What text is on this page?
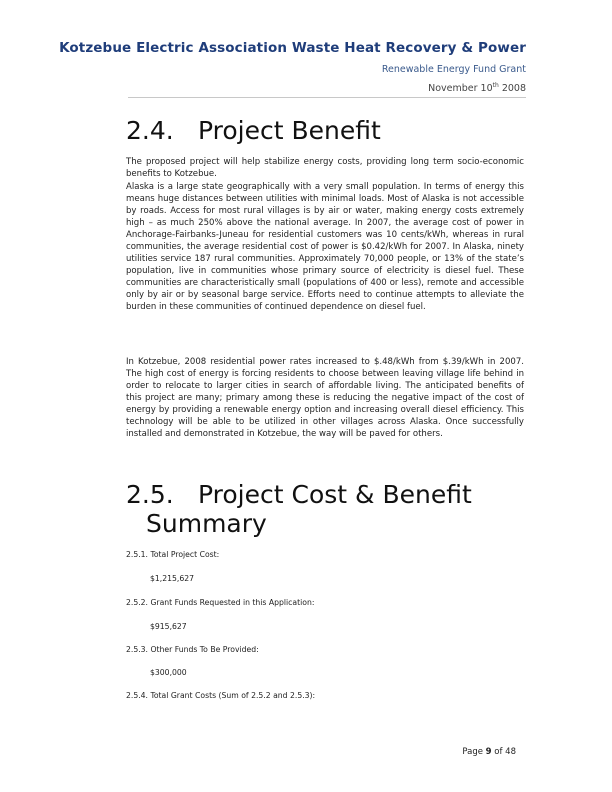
Kotzebue Electric Association Waste Heat Recovery & Power
Renewable Energy Fund Grant
November 10th 2008
2.4. Project Benefit

The proposed project will help stabilize energy costs, providing long term socio-economic benefits to Kotzebue.

Alaska is a large state geographically with a very small population. In terms of energy this means huge distances between utilities with minimal loads. Most of Alaska is not accessible by roads. Access for most rural villages is by air or water, making energy costs extremely high – as much 250% above the national average. In 2007, the average cost of power in Anchorage-Fairbanks-Juneau for residential customers was 10 cents/kWh, whereas in rural communities, the average residential cost of power is $0.42/kWh for 2007. In Alaska, ninety utilities service 187 rural communities. Approximately 70,000 people, or 13% of the state’s population, live in communities whose primary source of electricity is diesel fuel. These communities are characteristically small (populations of 400 or less), remote and accessible only by air or by seasonal barge service. Efforts need to continue attempts to alleviate the burden in these communities of continued dependence on diesel fuel.

In Kotzebue, 2008 residential power rates increased to $.48/kWh from $.39/kWh in 2007. The high cost of energy is forcing residents to choose between leaving village life behind in order to relocate to larger cities in search of affordable living. The anticipated benefits of this project are many; primary among these is reducing the negative impact of the cost of energy by providing a renewable energy option and increasing overall diesel efficiency. This technology will be able to be utilized in other villages across Alaska. Once successfully installed and demonstrated in Kotzebue, the way will be paved for others.

2.5. Project Cost & Benefit
Summary
2.5.1. Total Project Cost:
$1,215,627
2.5.2. Grant Funds Requested in this Application:
$915,627
2.5.3. Other Funds To Be Provided:
$300,000
2.5.4. Total Grant Costs (Sum of 2.5.2 and 2.5.3):
Page 9 of 48
